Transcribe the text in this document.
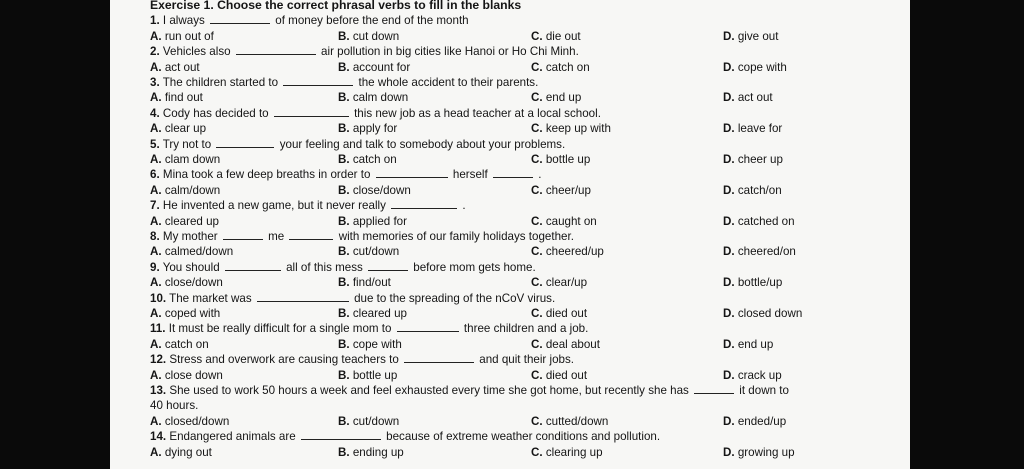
Exercise 1. Choose the correct phrasal verbs to fill in the blanks
1. I always	of money before the end of the month
A. run out of	B. cut down	C. die out	D. give out
2. Vehicles also	air pollution in big cities like Hanoi or Ho Chi Minh.
A. act out	B. account for	C. catch on	D. cope with
3. The children started to	the whole accident to their parents.
A. find out	B. calm down	C. end up	D. act out
4. Cody has decided to	this new job as a head teacher at a local school.
A. clear up	B. apply for	C. keep up with	D. leave for
5. Try not to	your feeling and talk to somebody about your problems.
A. clam down	B. catch on	C. bottle up	D. cheer up
6. Mina took a few deep breaths in order to	herself	.
A. calm/down	B. close/down	C. cheer/up	D. catch/on
7. He invented a new game, but it never really	.
A. cleared up	B. applied for	C. caught on	D. catched on
8. My mother	me	with memories of our family holidays together.
A. calmed/down	B. cut/down	C. cheered/up	D. cheered/on
9. You should	all of this mess	before mom gets home.
A. close/down	B. find/out	C. clear/up	D. bottle/up
10. The market was	due to the spreading of the nCoV virus.
A. coped with	B. cleared up	C. died out	D. closed down
11. It must be really difficult for a single mom to	three children and a job.
A. catch on	B. cope with	C. deal about	D. end up
12. Stress and overwork are causing teachers to	and quit their jobs.
A. close down	B. bottle up	C. died out	D. crack up
13. She used to work 50 hours a week and feel exhausted every time she got home, but recently she has	it down to
40 hours.
A. closed/down	B. cut/down	C. cutted/down	D. ended/up
14. Endangered animals are	because of extreme weather conditions and pollution.
A. dying out	B. ending up	C. clearing up	D. growing up
